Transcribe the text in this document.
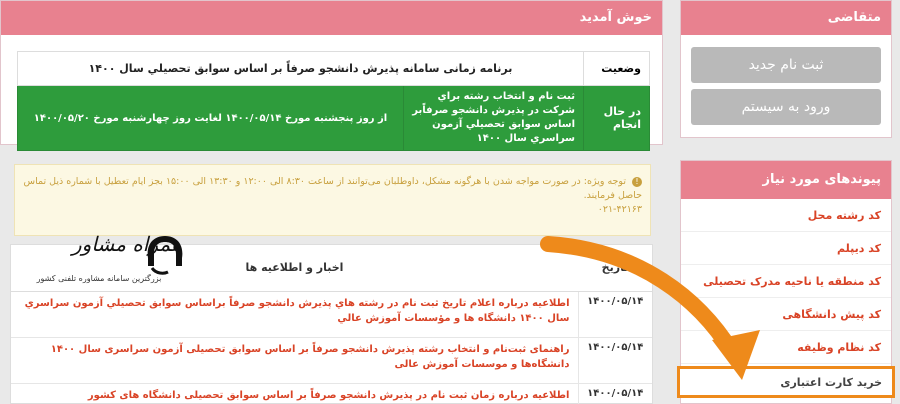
خوش آمدید
وضعیت	برنامه زمانی سامانه پذیرش دانشجو صرفاً بر اساس سوابق تحصیلي سال ۱۴۰۰	
در حال انجام	ثبت نام و انتخاب رشته براي شركت در پذيرش دانشجو صرفاًبر اساس سوابق تحصيلي آزمون سراسري سال ۱۴۰۰	از روز پنجشنبه مورخ ۱۴۰۰/۰۵/۱۴ لغایت روز چهارشنبه مورخ ۱۴۰۰/۰۵/۲۰
! توجه ویژه: در صورت مواجه شدن با هرگونه مشکل، داوطلبان می‌توانند از ساعت ۸:۳۰ الی ۱۲:۰۰ و ۱۳:۳۰ الی ۱۵:۰۰ بجز ایام تعطیل با شماره ذیل تماس حاصل فرمایند.
۰۲۱-۴۲۱۶۳
تاریخ	اخبار و اطلاعیه ها
۱۴۰۰/۰۵/۱۴	اطلاعيه درباره اعلام تاريخ ثبت نام در رشته هاي پذيرش دانشجو صرفاً براساس سوابق تحصيلي آزمون سراسري سال ۱۴۰۰ دانشگاه ها و مؤسسات آموزش عالي
۱۴۰۰/۰۵/۱۴	راهنمای ثبت‌نام و انتخاب رشته پذیرش دانشجو صرفاً بر اساس سوابق تحصیلی آزمون سراسری سال ۱۴۰۰ دانشگاه‌ها و موسسات آموزش عالی
۱۴۰۰/۰۵/۱۴	اطلاعیه درباره زمان ثبت نام در پذیرش دانشجو صرفاً بر اساس سوابق تحصیلی دانشگاه های کشور
همراه مشاور
بزرگترین سامانه مشاوره تلفنی کشور
متقاضی
ثبت نام جدید
ورود به سیستم
پیوندهای مورد نیاز
کد رشته محل
کد دیپلم
کد منطقه یا ناحیه مدرک تحصیلی
کد پیش دانشگاهی
کد نظام وظیفه
خرید کارت اعتباری
